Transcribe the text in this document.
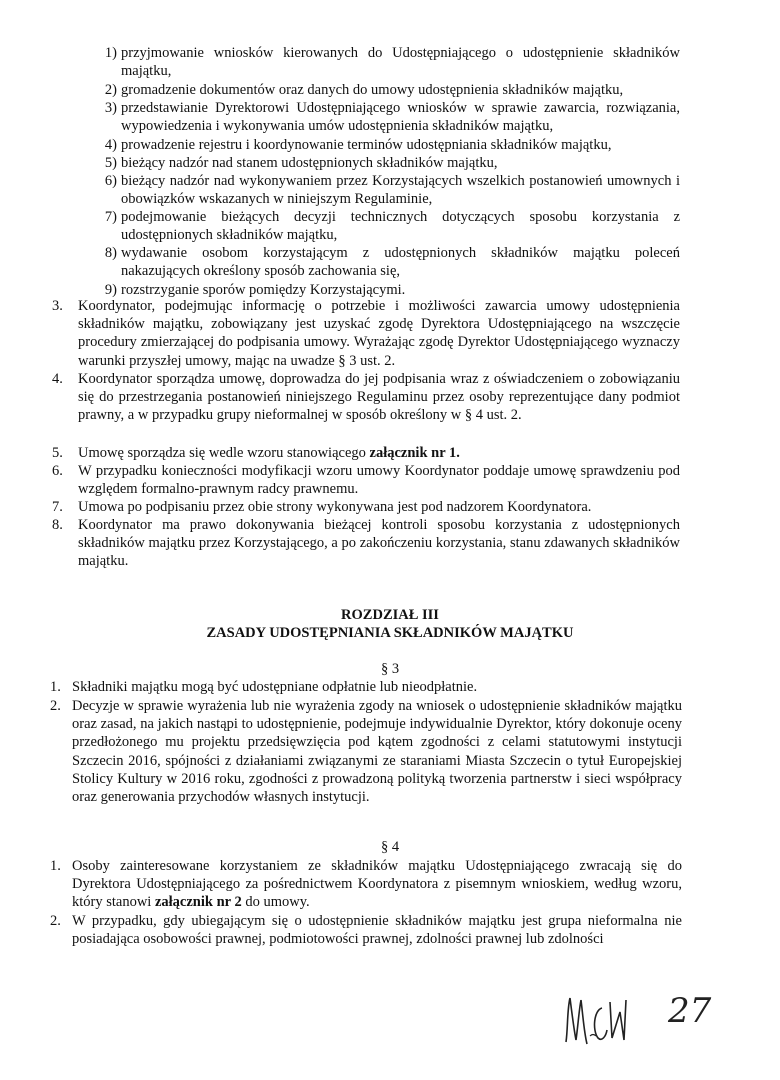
1) przyjmowanie wniosków kierowanych do Udostępniającego o udostępnienie składników majątku,
2) gromadzenie dokumentów oraz danych do umowy udostępnienia składników majątku,
3) przedstawianie Dyrektorowi Udostępniającego wniosków w sprawie zawarcia, rozwiązania, wypowiedzenia i wykonywania umów udostępnienia składników majątku,
4) prowadzenie rejestru i koordynowanie terminów udostępniania składników majątku,
5) bieżący nadzór nad stanem udostępnionych składników majątku,
6) bieżący nadzór nad wykonywaniem przez Korzystających wszelkich postanowień umownych i obowiązków wskazanych w niniejszym Regulaminie,
7) podejmowanie bieżących decyzji technicznych dotyczących sposobu korzystania z udostępnionych składników majątku,
8) wydawanie osobom korzystającym z udostępnionych składników majątku poleceń nakazujących określony sposób zachowania się,
9) rozstrzyganie sporów pomiędzy Korzystającymi.
3.	Koordynator, podejmując informację o potrzebie i możliwości zawarcia umowy udostępnienia składników majątku, zobowiązany jest uzyskać zgodę Dyrektora Udostępniającego na wszczęcie procedury zmierzającej do podpisania umowy. Wyrażając zgodę Dyrektor Udostępniającego wyznaczy warunki przyszłej umowy, mając na uwadze § 3 ust. 2.
4.	Koordynator sporządza umowę, doprowadza do jej podpisania wraz z oświadczeniem o zobowiązaniu się do przestrzegania postanowień niniejszego Regulaminu przez osoby reprezentujące dany podmiot prawny, a w przypadku grupy nieformalnej w sposób określony w § 4 ust. 2.
5.	Umowę sporządza się wedle wzoru stanowiącego załącznik nr 1.
6.	W przypadku konieczności modyfikacji wzoru umowy Koordynator poddaje umowę sprawdzeniu pod względem formalno-prawnym radcy prawnemu.
7.	Umowa po podpisaniu przez obie strony wykonywana jest pod nadzorem Koordynatora.
8.	Koordynator ma prawo dokonywania bieżącej kontroli sposobu korzystania z udostępnionych składników majątku przez Korzystającego, a po zakończeniu korzystania, stanu zdawanych składników majątku.
ROZDZIAŁ III
ZASADY UDOSTĘPNIANIA SKŁADNIKÓW MAJĄTKU
§ 3
1. Składniki majątku mogą być udostępniane odpłatnie lub nieodpłatnie.
2. Decyzje w sprawie wyrażenia lub nie wyrażenia zgody na wniosek o udostępnienie składników majątku oraz zasad, na jakich nastąpi to udostępnienie, podejmuje indywidualnie Dyrektor, który dokonuje oceny przedłożonego mu projektu przedsięwzięcia pod kątem zgodności z celami statutowymi instytucji Szczecin 2016, spójności z działaniami związanymi ze staraniami Miasta Szczecin o tytuł Europejskiej Stolicy Kultury w 2016 roku, zgodności z prowadzoną polityką tworzenia partnerstw i sieci współpracy oraz generowania przychodów własnych instytucji.
§ 4
1. Osoby zainteresowane korzystaniem ze składników majątku Udostępniającego zwracają się do Dyrektora Udostępniającego za pośrednictwem Koordynatora z pisemnym wnioskiem, według wzoru, który stanowi załącznik nr 2 do umowy.
2. W przypadku, gdy ubiegającym się o udostępnienie składników majątku jest grupa nieformalna nie posiadająca osobowości prawnej, podmiotowości prawnej, zdolności prawnej lub zdolności
27
